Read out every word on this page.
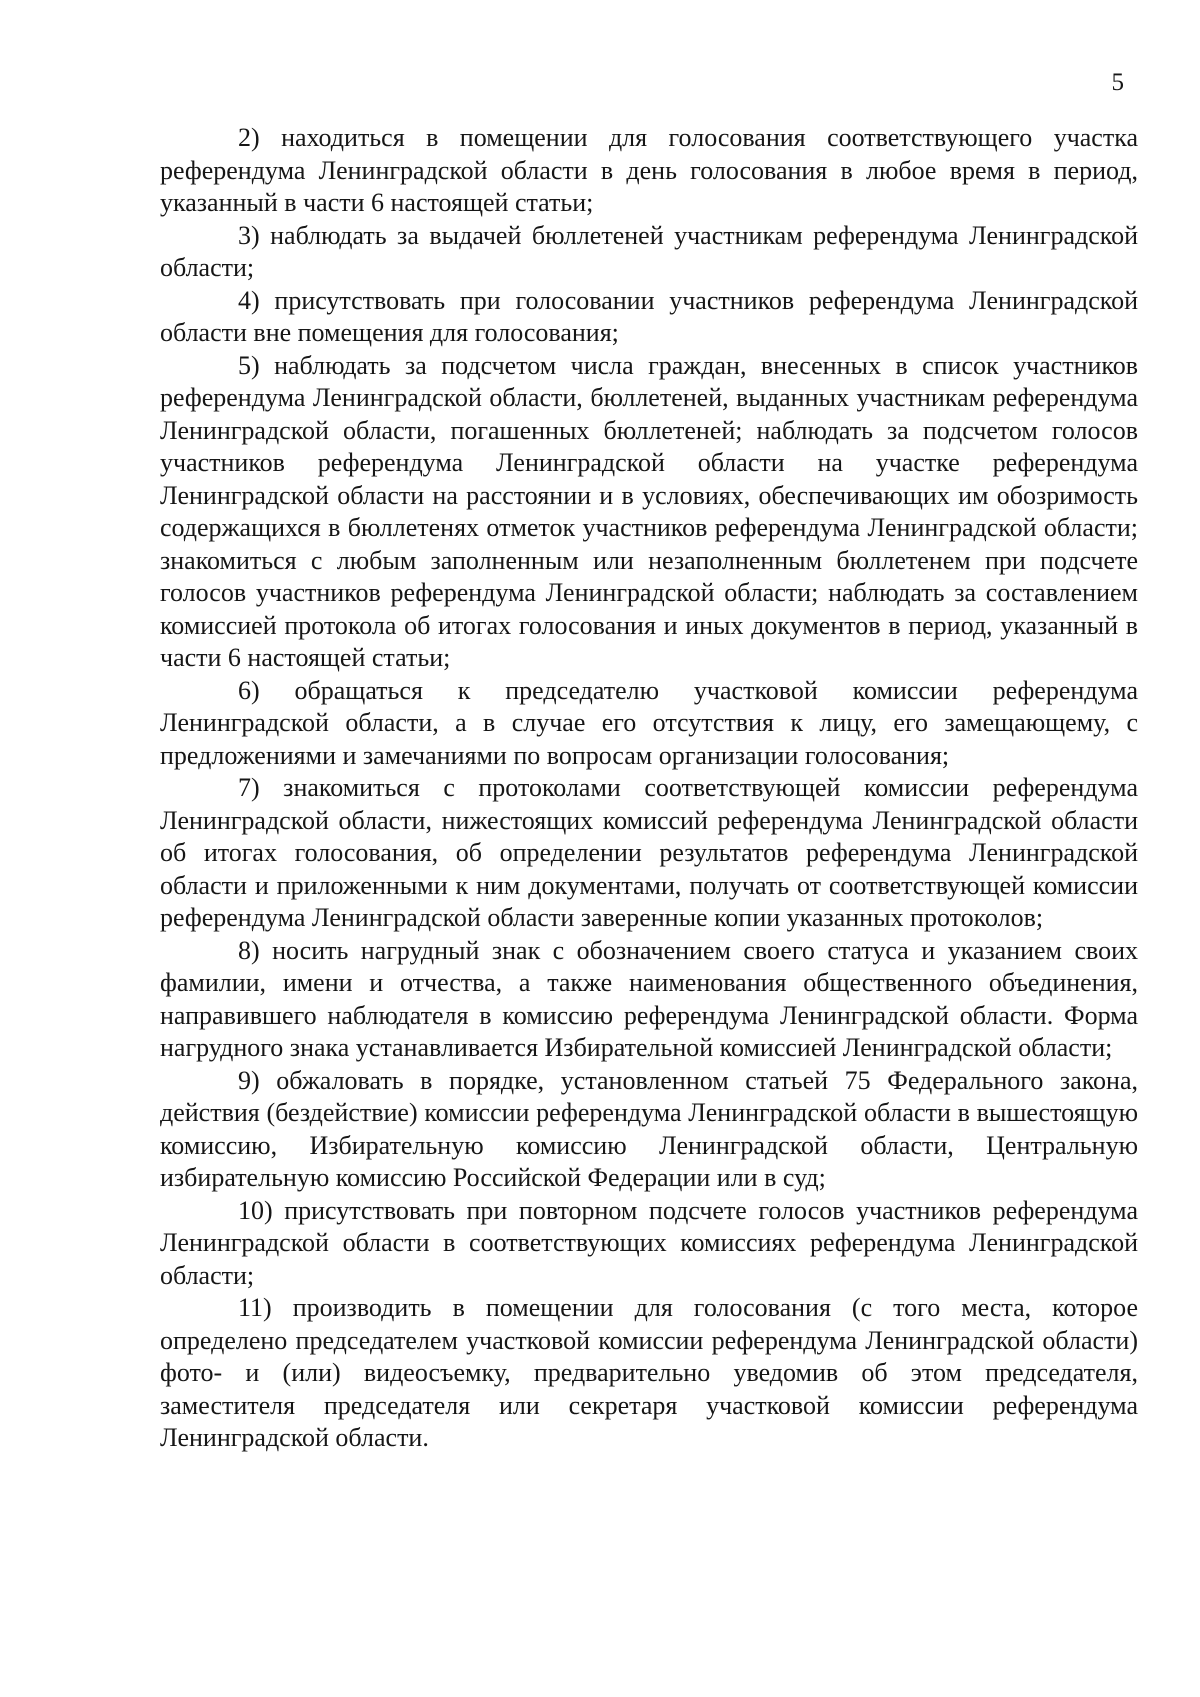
5

2) находиться в помещении для голосования соответствующего участка референдума Ленинградской области в день голосования в любое время в период, указанный в части 6 настоящей статьи;

3) наблюдать за выдачей бюллетеней участникам референдума Ленинградской области;

4) присутствовать при голосовании участников референдума Ленинградской области вне помещения для голосования;

5) наблюдать за подсчетом числа граждан, внесенных в список участников референдума Ленинградской области, бюллетеней, выданных участникам референдума Ленинградской области, погашенных бюллетеней; наблюдать за подсчетом голосов участников референдума Ленинградской области на участке референдума Ленинградской области на расстоянии и в условиях, обеспечивающих им обозримость содержащихся в бюллетенях отметок участников референдума Ленинградской области; знакомиться с любым заполненным или незаполненным бюллетенем при подсчете голосов участников референдума Ленинградской области; наблюдать за составлением комиссией протокола об итогах голосования и иных документов в период, указанный в части 6 настоящей статьи;

6) обращаться к председателю участковой комиссии референдума Ленинградской области, а в случае его отсутствия к лицу, его замещающему, с предложениями и замечаниями по вопросам организации голосования;

7) знакомиться с протоколами соответствующей комиссии референдума Ленинградской области, нижестоящих комиссий референдума Ленинградской области об итогах голосования, об определении результатов референдума Ленинградской области и приложенными к ним документами, получать от соответствующей комиссии референдума Ленинградской области заверенные копии указанных протоколов;

8) носить нагрудный знак с обозначением своего статуса и указанием своих фамилии, имени и отчества, а также наименования общественного объединения, направившего наблюдателя в комиссию референдума Ленинградской области. Форма нагрудного знака устанавливается Избирательной комиссией Ленинградской области;

9) обжаловать в порядке, установленном статьей 75 Федерального закона, действия (бездействие) комиссии референдума Ленинградской области в вышестоящую комиссию, Избирательную комиссию Ленинградской области, Центральную избирательную комиссию Российской Федерации или в суд;

10) присутствовать при повторном подсчете голосов участников референдума Ленинградской области в соответствующих комиссиях референдума Ленинградской области;

11) производить в помещении для голосования (с того места, которое определено председателем участковой комиссии референдума Ленинградской области) фото- и (или) видеосъемку, предварительно уведомив об этом председателя, заместителя председателя или секретаря участковой комиссии референдума Ленинградской области.
